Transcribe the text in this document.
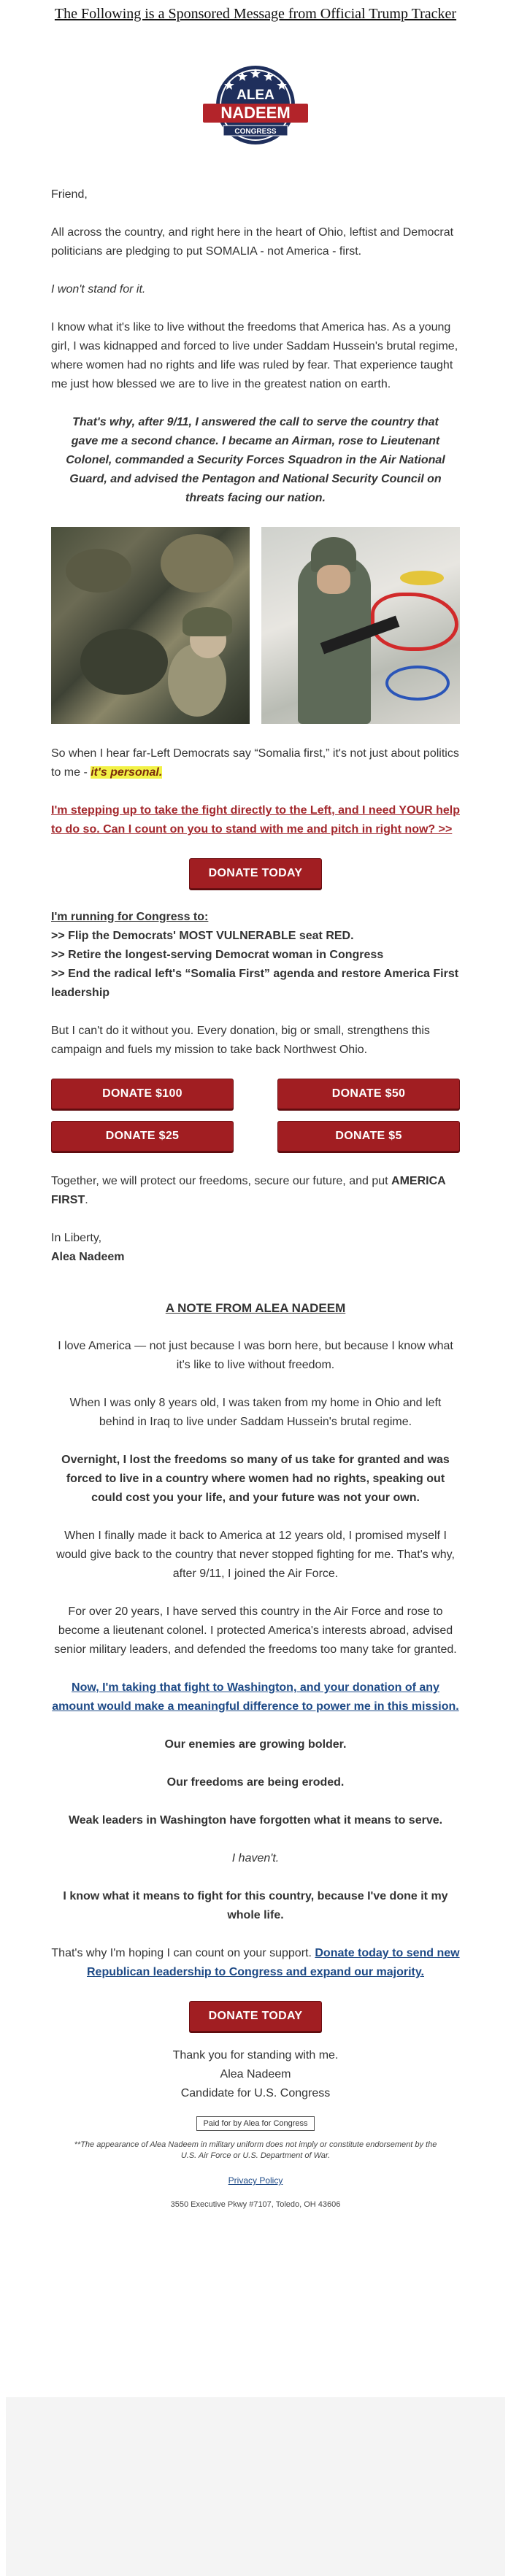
The Following is a Sponsored Message from Official Trump Tracker
ALEA
NADEEM
CONGRESS

Friend,

All across the country, and right here in the heart of Ohio, leftist and Democrat politicians are pledging to put SOMALIA - not America - first.

I won't stand for it.

I know what it's like to live without the freedoms that America has. As a young girl, I was kidnapped and forced to live under Saddam Hussein's brutal regime, where women had no rights and life was ruled by fear. That experience taught me just how blessed we are to live in the greatest nation on earth.

That's why, after 9/11, I answered the call to serve the country that gave me a second chance. I became an Airman, rose to Lieutenant Colonel, commanded a Security Forces Squadron in the Air National Guard, and advised the Pentagon and National Security Council on threats facing our nation.

So when I hear far-Left Democrats say “Somalia first,” it's not just about politics to me - it's personal.

I'm stepping up to take the fight directly to the Left, and I need YOUR help to do so. Can I count on you to stand with me and pitch in right now? >>

DONATE TODAY

I'm running for Congress to:
>> Flip the Democrats' MOST VULNERABLE seat RED.
>> Retire the longest-serving Democrat woman in Congress
>> End the radical left's “Somalia First” agenda and restore America First leadership

But I can't do it without you. Every donation, big or small, strengthens this campaign and fuels my mission to take back Northwest Ohio.

DONATE $100	DONATE $50
DONATE $25	DONATE $5

Together, we will protect our freedoms, secure our future, and put AMERICA FIRST.

In Liberty,
Alea Nadeem

A NOTE FROM ALEA NADEEM

I love America — not just because I was born here, but because I know what it's like to live without freedom.

When I was only 8 years old, I was taken from my home in Ohio and left behind in Iraq to live under Saddam Hussein's brutal regime.

Overnight, I lost the freedoms so many of us take for granted and was forced to live in a country where women had no rights, speaking out could cost you your life, and your future was not your own.

When I finally made it back to America at 12 years old, I promised myself I would give back to the country that never stopped fighting for me. That's why, after 9/11, I joined the Air Force.

For over 20 years, I have served this country in the Air Force and rose to become a lieutenant colonel. I protected America's interests abroad, advised senior military leaders, and defended the freedoms too many take for granted.

Now, I'm taking that fight to Washington, and your donation of any amount would make a meaningful difference to power me in this mission.

Our enemies are growing bolder.

Our freedoms are being eroded.

Weak leaders in Washington have forgotten what it means to serve.

I haven't.

I know what it means to fight for this country, because I've done it my whole life.

That's why I'm hoping I can count on your support. Donate today to send new Republican leadership to Congress and expand our majority.

DONATE TODAY

Thank you for standing with me.
Alea Nadeem
Candidate for U.S. Congress

Paid for by Alea for Congress

**The appearance of Alea Nadeem in military uniform does not imply or constitute endorsement by the U.S. Air Force or U.S. Department of War.

Privacy Policy

3550 Executive Pkwy #7107, Toledo, OH 43606
